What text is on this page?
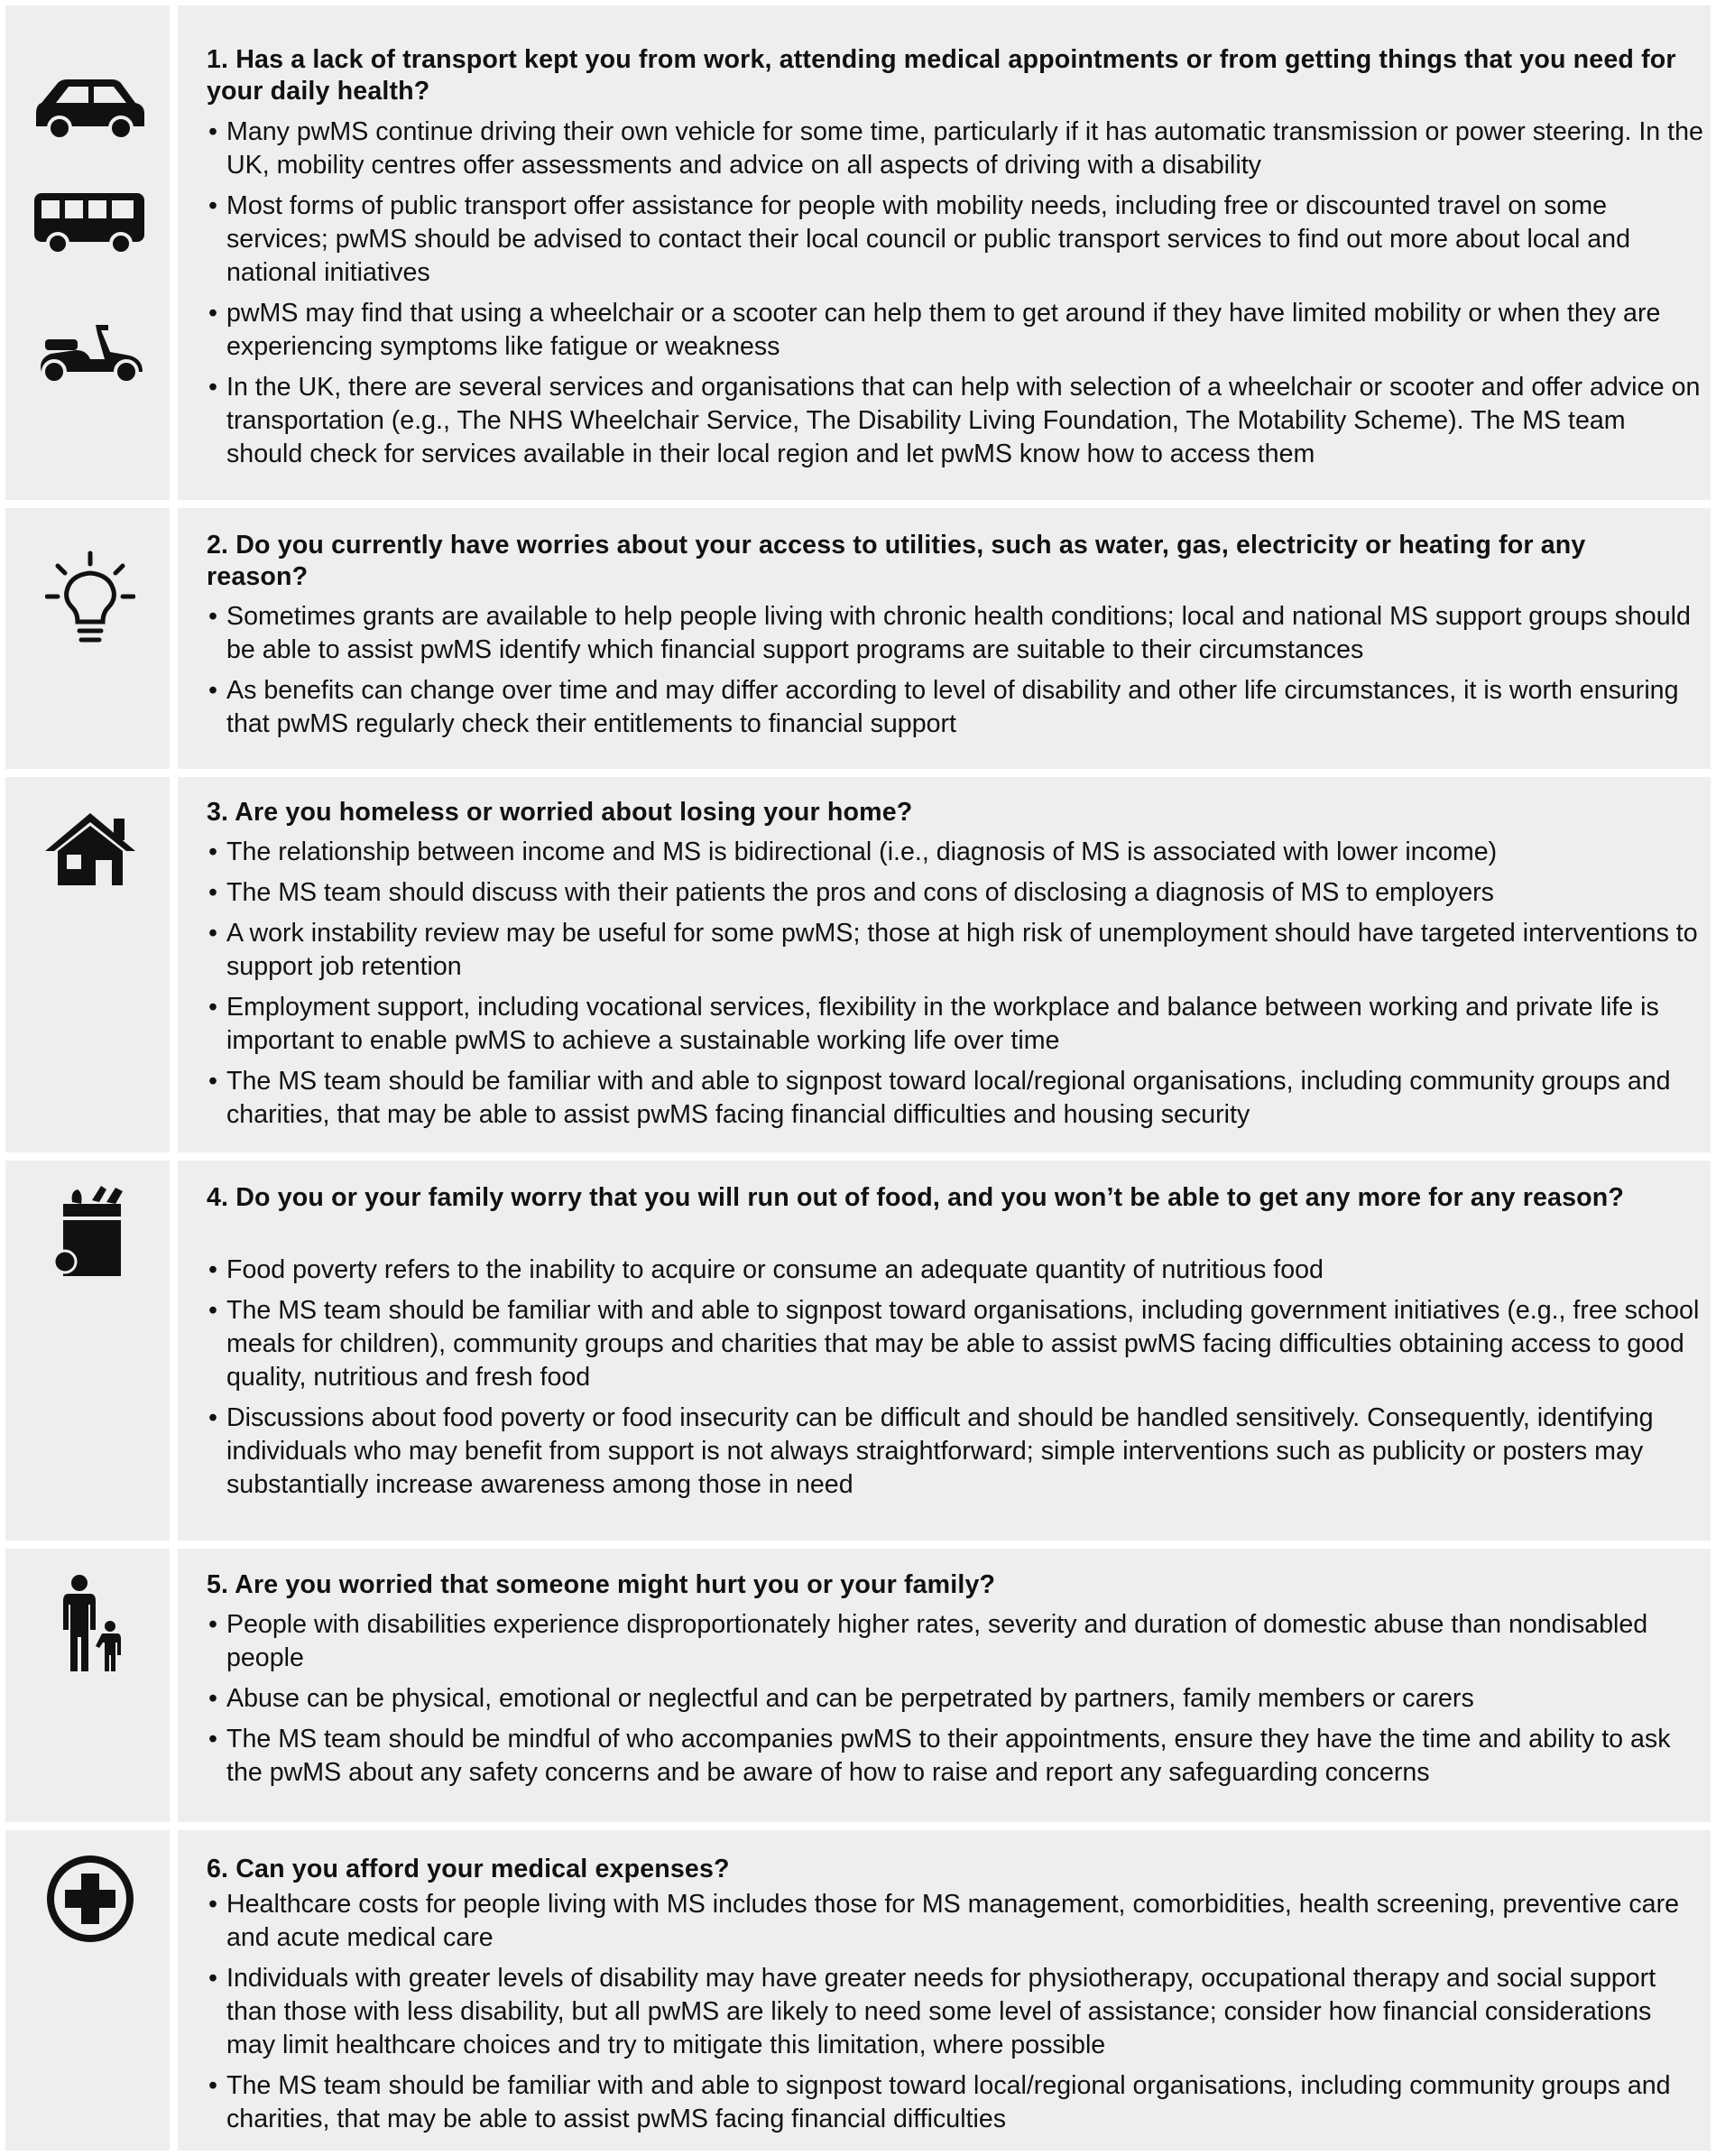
1. Has a lack of transport kept you from work, attending medical appointments or from getting things that you need for your daily health?

• Many pwMS continue driving their own vehicle for some time, particularly if it has automatic transmission or power steering. In the UK, mobility centres offer assessments and advice on all aspects of driving with a disability
• Most forms of public transport offer assistance for people with mobility needs, including free or discounted travel on some services; pwMS should be advised to contact their local council or public transport services to find out more about local and national initiatives
• pwMS may find that using a wheelchair or a scooter can help them to get around if they have limited mobility or when they are experiencing symptoms like fatigue or weakness
• In the UK, there are several services and organisations that can help with selection of a wheelchair or scooter and offer advice on transportation (e.g., The NHS Wheelchair Service, The Disability Living Foundation, The Motability Scheme). The MS team should check for services available in their local region and let pwMS know how to access them

2. Do you currently have worries about your access to utilities, such as water, gas, electricity or heating for any reason?

• Sometimes grants are available to help people living with chronic health conditions; local and national MS support groups should be able to assist pwMS identify which financial support programs are suitable to their circumstances
• As benefits can change over time and may differ according to level of disability and other life circumstances, it is worth ensuring that pwMS regularly check their entitlements to financial support

3. Are you homeless or worried about losing your home?

• The relationship between income and MS is bidirectional (i.e., diagnosis of MS is associated with lower income)
• The MS team should discuss with their patients the pros and cons of disclosing a diagnosis of MS to employers
• A work instability review may be useful for some pwMS; those at high risk of unemployment should have targeted interventions to support job retention
• Employment support, including vocational services, flexibility in the workplace and balance between working and private life is important to enable pwMS to achieve a sustainable working life over time
• The MS team should be familiar with and able to signpost toward local/regional organisations, including community groups and charities, that may be able to assist pwMS facing financial difficulties and housing security

4. Do you or your family worry that you will run out of food, and you won’t be able to get any more for any reason?

• Food poverty refers to the inability to acquire or consume an adequate quantity of nutritious food
• The MS team should be familiar with and able to signpost toward organisations, including government initiatives (e.g., free school meals for children), community groups and charities that may be able to assist pwMS facing difficulties obtaining access to good quality, nutritious and fresh food
• Discussions about food poverty or food insecurity can be difficult and should be handled sensitively. Consequently, identifying individuals who may benefit from support is not always straightforward; simple interventions such as publicity or posters may substantially increase awareness among those in need

5. Are you worried that someone might hurt you or your family?

• People with disabilities experience disproportionately higher rates, severity and duration of domestic abuse than nondisabled people
• Abuse can be physical, emotional or neglectful and can be perpetrated by partners, family members or carers
• The MS team should be mindful of who accompanies pwMS to their appointments, ensure they have the time and ability to ask the pwMS about any safety concerns and be aware of how to raise and report any safeguarding concerns

6. Can you afford your medical expenses?

• Healthcare costs for people living with MS includes those for MS management, comorbidities, health screening, preventive care and acute medical care
• Individuals with greater levels of disability may have greater needs for physiotherapy, occupational therapy and social support than those with less disability, but all pwMS are likely to need some level of assistance; consider how financial considerations may limit healthcare choices and try to mitigate this limitation, where possible
• The MS team should be familiar with and able to signpost toward local/regional organisations, including community groups and charities, that may be able to assist pwMS facing financial difficulties
